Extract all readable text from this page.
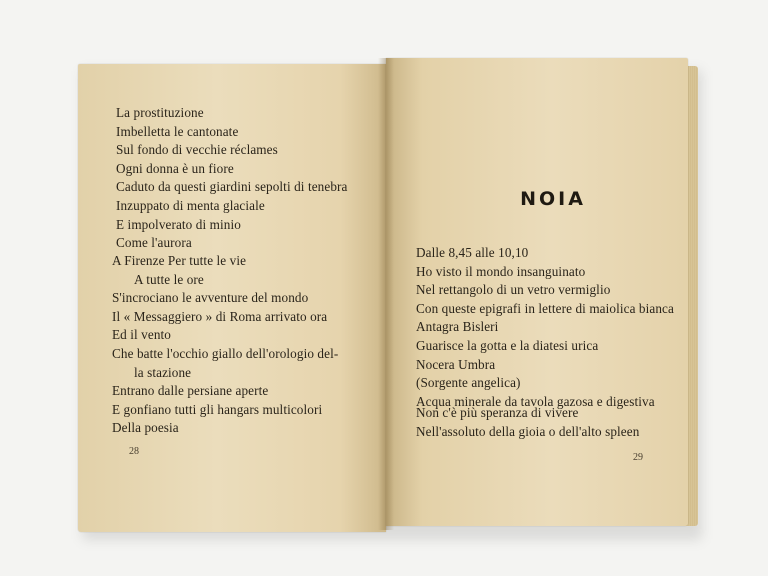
La prostituzione
Imbelletta le cantonate
Sul fondo di vecchie réclames
Ogni donna è un fiore
Caduto da questi giardini sepolti di tenebra
Inzuppato di menta glaciale
E impolverato di minio
Come l'aurora
A Firenze Per tutte le vie
A tutte le ore
S'incrociano le avventure del mondo
Il « Messaggiero » di Roma arrivato ora
Ed il vento
Che batte l'occhio giallo dell'orologio del-
la stazione
Entrano dalle persiane aperte
E gonfiano tutti gli hangars multicolori
Della poesia
28
NOIA
Dalle 8,45 alle 10,10
Ho visto il mondo insanguinato
Nel rettangolo di un vetro vermiglio
Con queste epigrafi in lettere di maiolica bianca
Antagra Bisleri
Guarisce la gotta e la diatesi urica
Nocera Umbra
(Sorgente angelica)
Acqua minerale da tavola gazosa e digestiva
Non c'è più speranza di vivere
Nell'assoluto della gioia o dell'alto spleen
29
